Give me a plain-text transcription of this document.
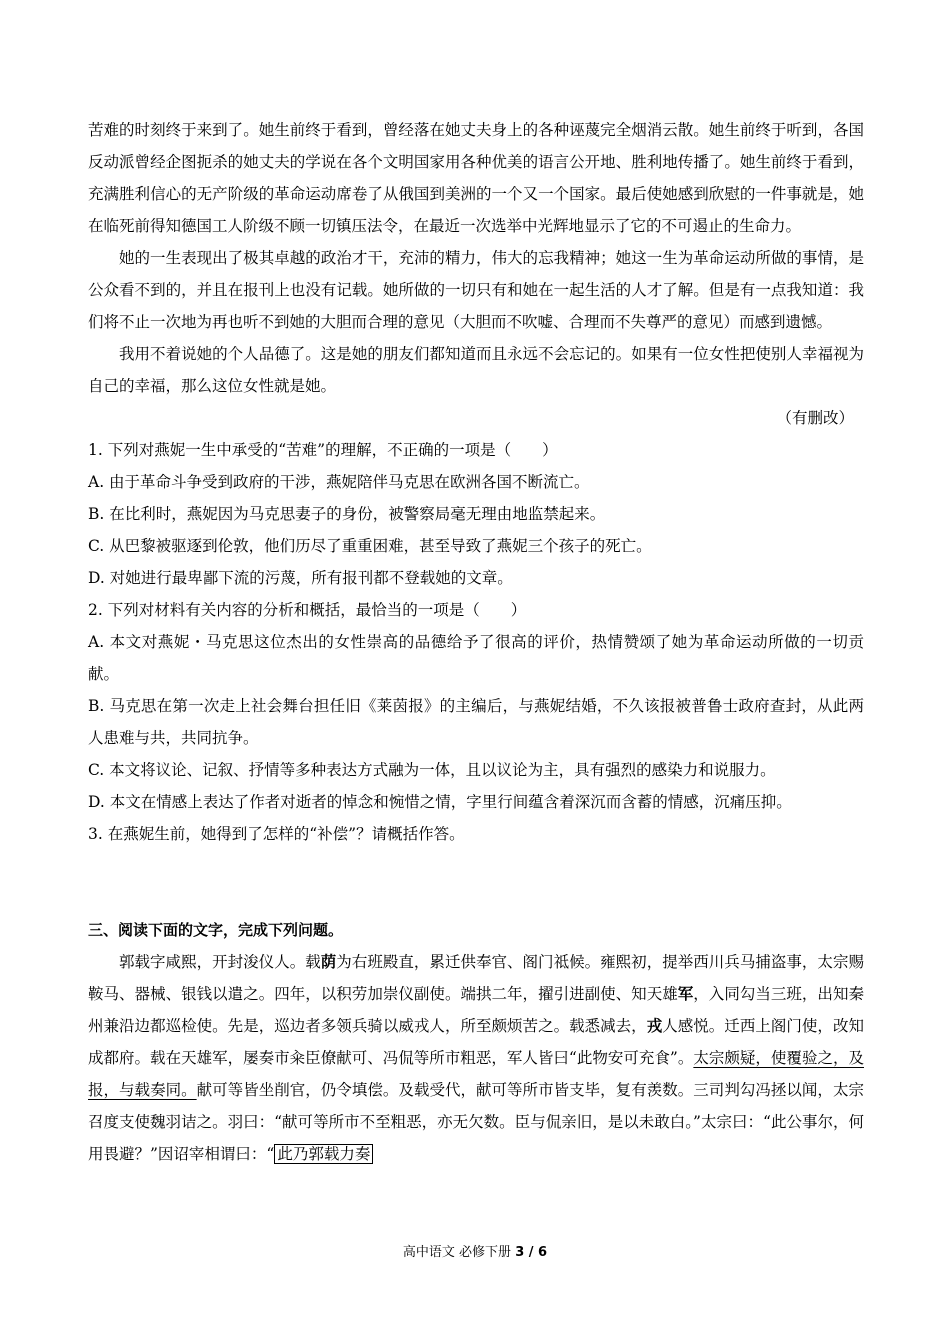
苦难的时刻终于来到了。她生前终于看到，曾经落在她丈夫身上的各种诬蔑完全烟消云散。她生前终于听到，各国反动派曾经企图扼杀的她丈夫的学说在各个文明国家用各种优美的语言公开地、胜利地传播了。她生前终于看到，充满胜利信心的无产阶级的革命运动席卷了从俄国到美洲的一个又一个国家。最后使她感到欣慰的一件事就是，她在临死前得知德国工人阶级不顾一切镇压法令，在最近一次选举中光辉地显示了它的不可遏止的生命力。

她的一生表现出了极其卓越的政治才干，充沛的精力，伟大的忘我精神；她这一生为革命运动所做的事情，是公众看不到的，并且在报刊上也没有记载。她所做的一切只有和她在一起生活的人才了解。但是有一点我知道：我们将不止一次地为再也听不到她的大胆而合理的意见（大胆而不吹嘘、合理而不失尊严的意见）而感到遗憾。

我用不着说她的个人品德了。这是她的朋友们都知道而且永远不会忘记的。如果有一位女性把使别人幸福视为自己的幸福，那么这位女性就是她。

（有删改）

1. 下列对燕妮一生中承受的“苦难”的理解，不正确的一项是（　　）

A. 由于革命斗争受到政府的干涉，燕妮陪伴马克思在欧洲各国不断流亡。

B. 在比利时，燕妮因为马克思妻子的身份，被警察局毫无理由地监禁起来。

C. 从巴黎被驱逐到伦敦，他们历尽了重重困难，甚至导致了燕妮三个孩子的死亡。

D. 对她进行最卑鄙下流的污蔑，所有报刊都不登载她的文章。

2. 下列对材料有关内容的分析和概括，最恰当的一项是（　　）

A. 本文对燕妮・马克思这位杰出的女性崇高的品德给予了很高的评价，热情赞颂了她为革命运动所做的一切贡献。

B. 马克思在第一次走上社会舞台担任旧《莱茵报》的主编后，与燕妮结婚，不久该报被普鲁士政府查封，从此两人患难与共，共同抗争。

C. 本文将议论、记叙、抒情等多种表达方式融为一体，且以议论为主，具有强烈的感染力和说服力。

D. 本文在情感上表达了作者对逝者的悼念和惋惜之情，字里行间蕴含着深沉而含蓄的情感，沉痛压抑。

3. 在燕妮生前，她得到了怎样的“补偿”？请概括作答。

三、阅读下面的文字，完成下列问题。

郭载字咸熙，开封浚仪人。载荫为右班殿直，累迁供奉官、阁门祗候。雍熙初，提举西川兵马捕盗事，太宗赐鞍马、器械、银钱以遣之。四年，以积劳加崇仪副使。端拱二年，擢引进副使、知天雄军，入同勾当三班，出知秦州兼沿边都巡检使。先是，巡边者多领兵骑以威戎人，所至颇烦苦之。载悉减去，戎人感悦。迁西上阁门使，改知成都府。载在天雄军，屡奏市籴臣僚献可、冯侃等所市粗恶，军人皆曰“此物安可充食”。太宗颇疑，使覆验之，及报，与载奏同。献可等皆坐削官，仍令填偿。及载受代，献可等所市皆支毕，复有羡数。三司判勾冯拯以闻，太宗召度支使魏羽诘之。羽曰：“献可等所市不至粗恶，亦无欠数。臣与侃亲旧，是以未敢白。”太宗曰：“此公事尔，何用畏避？”因诏宰相谓曰：“ 此乃郭载力奏

高中语文 必修下册 3 / 6
